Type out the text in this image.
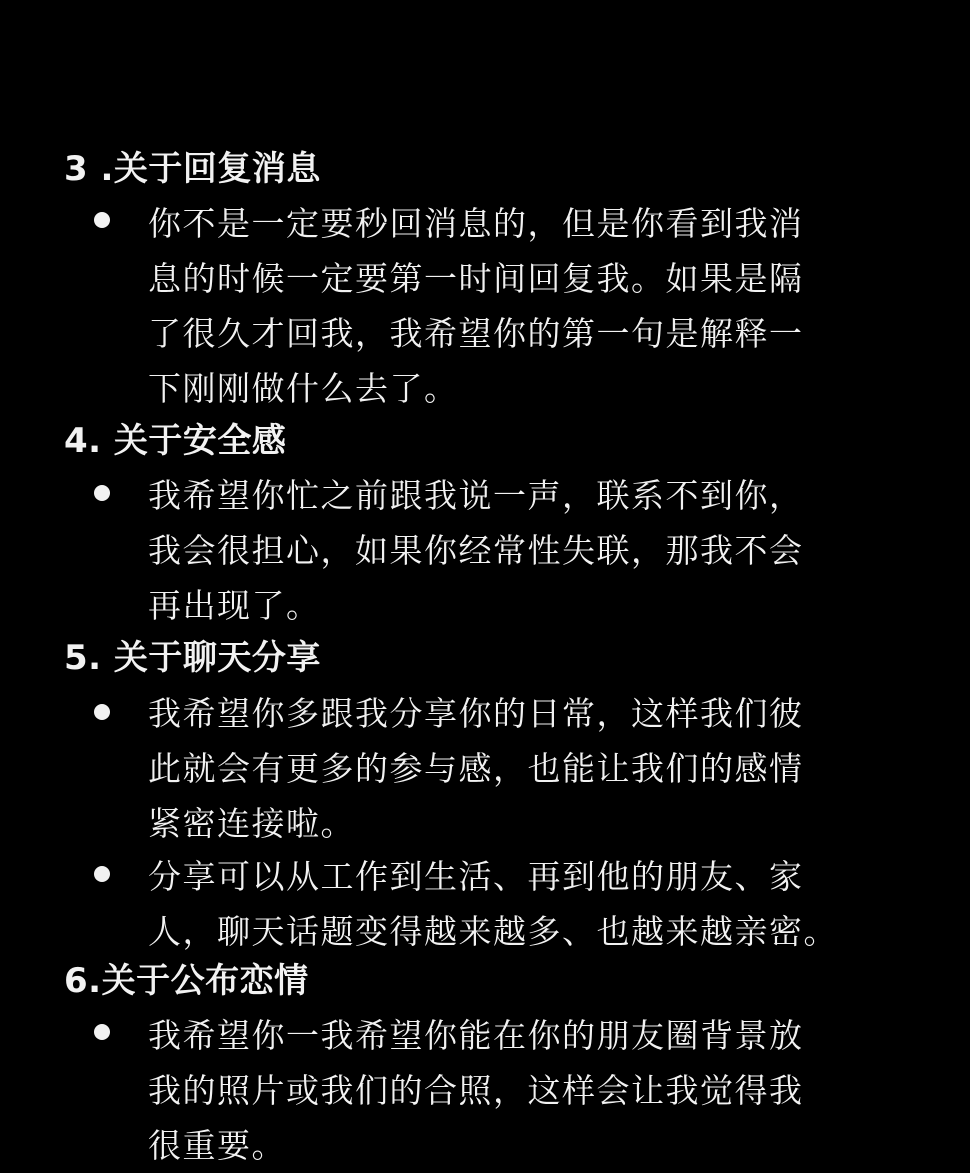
3 .关于回复消息
你不是一定要秒回消息的，但是你看到我消
息的时候一定要第一时间回复我。如果是隔
了很久才回我，我希望你的第一句是解释一
下刚刚做什么去了。
4. 关于安全感
我希望你忙之前跟我说一声，联系不到你，
我会很担心，如果你经常性失联，那我不会
再出现了。
5. 关于聊天分享
我希望你多跟我分享你的日常，这样我们彼
此就会有更多的参与感，也能让我们的感情
紧密连接啦。
分享可以从工作到生活、再到他的朋友、家
人，聊天话题变得越来越多、也越来越亲密。
6.关于公布恋情
我希望你一我希望你能在你的朋友圈背景放
我的照片或我们的合照，这样会让我觉得我
很重要。
